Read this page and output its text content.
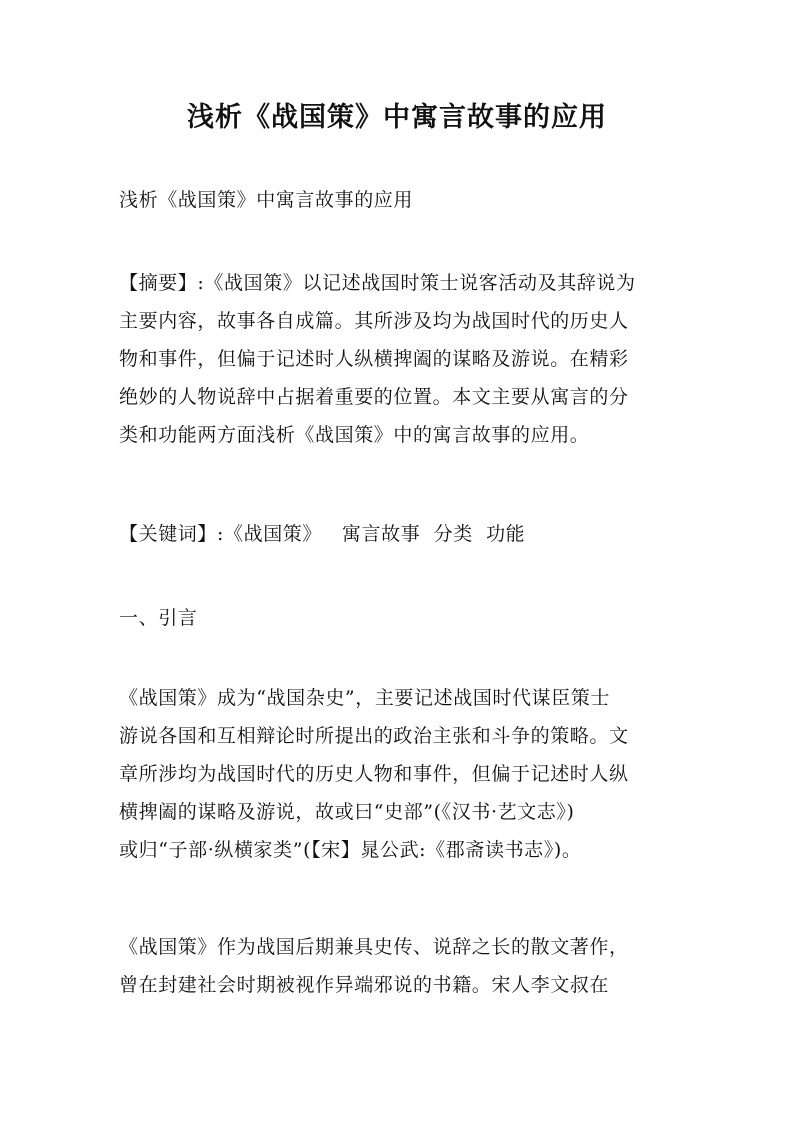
浅析《战国策》中寓言故事的应用

浅析《战国策》中寓言故事的应用

【摘要】:《战国策》以记述战国时策士说客活动及其辞说为
主要内容，故事各自成篇。其所涉及均为战国时代的历史人
物和事件，但偏于记述时人纵横捭阖的谋略及游说。在精彩
绝妙的人物说辞中占据着重要的位置。本文主要从寓言的分
类和功能两方面浅析《战国策》中的寓言故事的应用。

【关键词】:《战国策》   寓言故事  分类  功能

一、引言

《战国策》成为“战国杂史”，主要记述战国时代谋臣策士
游说各国和互相辩论时所提出的政治主张和斗争的策略。文
章所涉均为战国时代的历史人物和事件，但偏于记述时人纵
横捭阖的谋略及游说，故或曰“史部”(《汉书·艺文志》)
或归“子部·纵横家类”(【宋】晁公武:《郡斋读书志》)。

《战国策》作为战国后期兼具史传、说辞之长的散文著作，
曾在封建社会时期被视作异端邪说的书籍。宋人李文叔在
